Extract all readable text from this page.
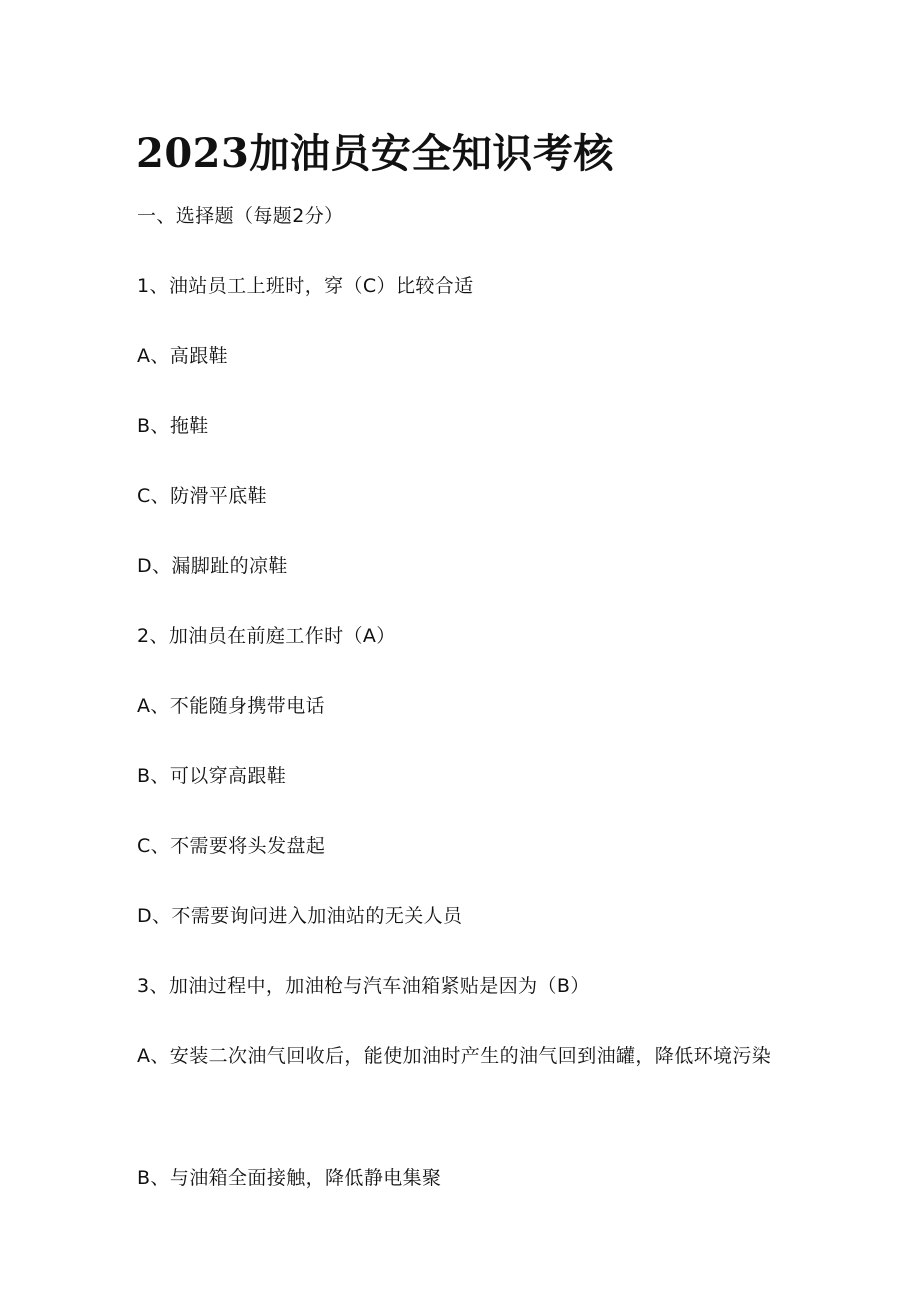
2023加油员安全知识考核

一、选择题（每题2分）

1、油站员工上班时，穿（C）比较合适

A、高跟鞋

B、拖鞋

C、防滑平底鞋

D、漏脚趾的凉鞋

2、加油员在前庭工作时（A）

A、不能随身携带电话

B、可以穿高跟鞋

C、不需要将头发盘起

D、不需要询问进入加油站的无关人员

3、加油过程中，加油枪与汽车油箱紧贴是因为（B）

A、安装二次油气回收后，能使加油时产生的油气回到油罐，降低环境污染

B、与油箱全面接触，降低静电集聚
